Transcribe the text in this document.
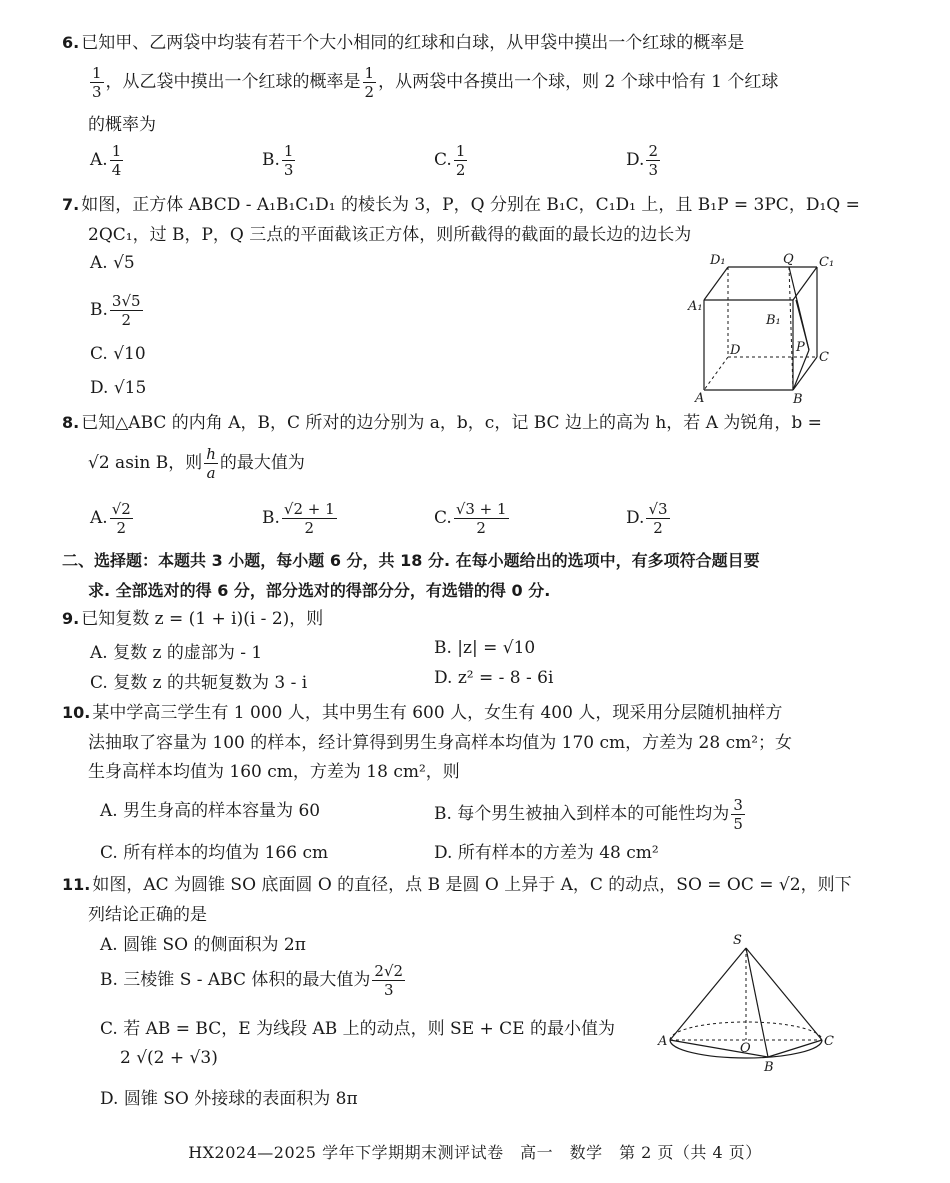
6. 已知甲、乙两袋中均装有若干个大小相同的红球和白球，从甲袋中摸出一个红球的概率是
$\frac{1}{3}$ ，从乙袋中摸出一个红球的概率是 $\frac{1}{2}$ ，从两袋中各摸出一个球，则 2 个球中恰有 1 个红球
的概率为
A. $\frac{1}{4}$	B. $\frac{1}{3}$	C. $\frac{1}{2}$	D. $\frac{2}{3}$
7. 如图，正方体 ABCD - A₁B₁C₁D₁ 的棱长为 3，P，Q 分别在 B₁C，C₁D₁ 上，且 B₁P = 3PC，D₁Q =
2QC₁，过 B，P，Q 三点的平面截该正方体，则所截得的截面的最长边的边长为
A. √5
B. $\frac{3√5}{2}$
C. √10
D. √15
D₁	Q C₁
A₁
B₁
D	P
C
A	B
8. 已知△ABC 的内角 A，B，C 所对的边分别为 a，b，c，记 BC 边上的高为 h，若 A 为锐角，b =
√2 asin B，则 $\frac{h}{a}$ 的最大值为
A. $\frac{√2}{2}$	B. $\frac{√2 + 1}{2}$	C. $\frac{√3 + 1}{2}$	D. $\frac{√3}{2}$
二、选择题：本题共 3 小题，每小题 6 分，共 18 分. 在每小题给出的选项中，有多项符合题目要
求. 全部选对的得 6 分，部分选对的得部分分，有选错的得 0 分.
9. 已知复数 z = (1 + i)(i - 2)，则
A. 复数 z 的虚部为 - 1	B. |z| = √10
C. 复数 z 的共轭复数为 3 - i	D. z² = - 8 - 6i
10. 某中学高三学生有 1 000 人，其中男生有 600 人，女生有 400 人，现采用分层随机抽样方
法抽取了容量为 100 的样本，经计算得到男生身高样本均值为 170 cm，方差为 28 cm²；女
生身高样本均值为 160 cm，方差为 18 cm²，则
A. 男生身高的样本容量为 60	B. 每个男生被抽入到样本的可能性均为 $\frac{3}{5}$
C. 所有样本的均值为 166 cm	D. 所有样本的方差为 48 cm²
11. 如图，AC 为圆锥 SO 底面圆 O 的直径，点 B 是圆 O 上异于 A，C 的动点，SO = OC = √2，则下
列结论正确的是
A. 圆锥 SO 的侧面积为 2π
B. 三棱锥 S - ABC 体积的最大值为 $\frac{2√2}{3}$
C. 若 AB = BC，E 为线段 AB 上的动点，则 SE + CE 的最小值为
2 √(2 + √3)
D. 圆锥 SO 外接球的表面积为 8π
S
A	O	C
B
HX2024—2025 学年下学期期末测评试卷　高一　数学　第 2 页（共 4 页）
